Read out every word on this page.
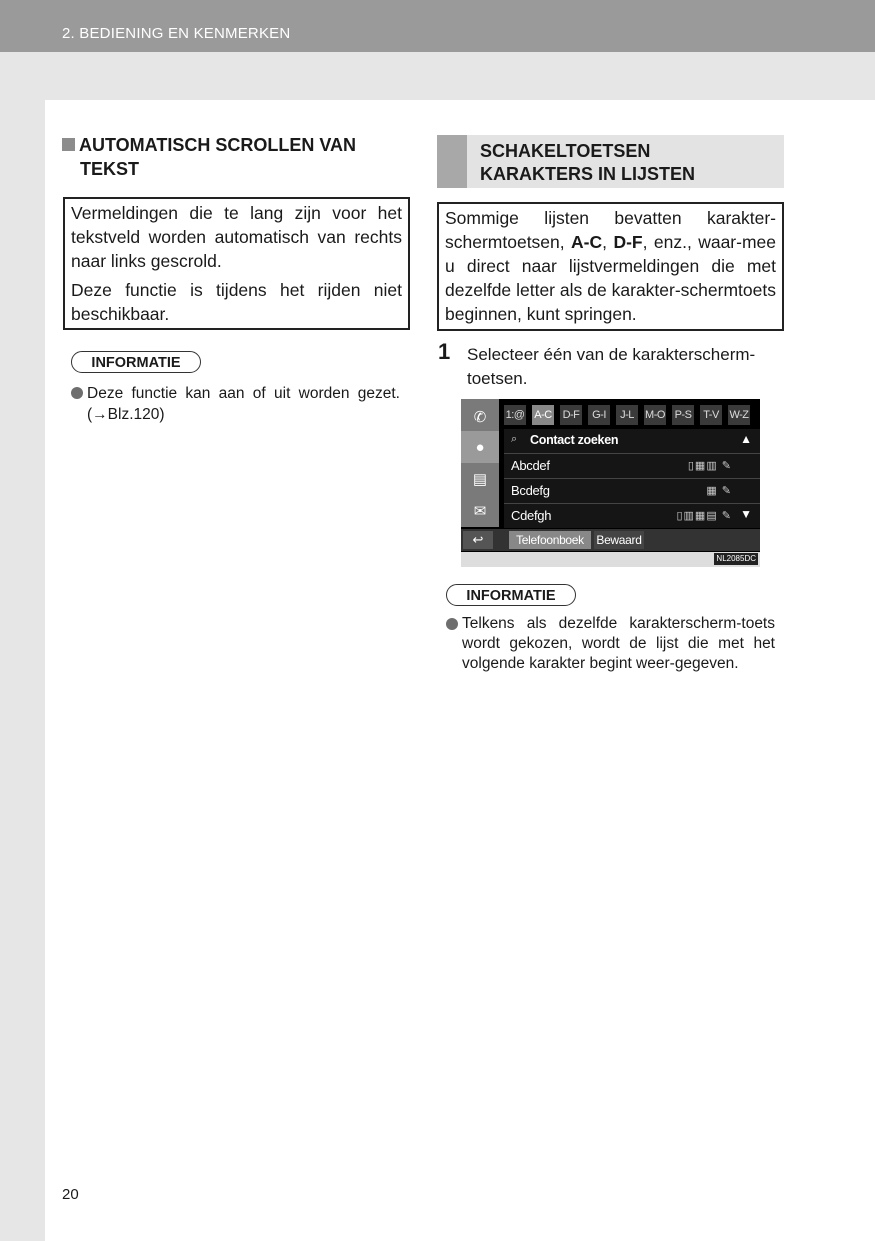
2. BEDIENING EN KENMERKEN
AUTOMATISCH SCROLLEN VAN
TEKST

Vermeldingen die te lang zijn voor het tekstveld worden automatisch van rechts naar links gescrold.

Deze functie is tijdens het rijden niet beschikbaar.

INFORMATIE
Deze functie kan aan of uit worden gezet. (→Blz.120)
SCHAKELTOETSEN
KARAKTERS IN LIJSTEN

Sommige lijsten bevatten karakter-schermtoetsen, A-C, D-F, enz., waar-mee u direct naar lijstvermeldingen die met dezelfde letter als de karakter-schermtoets beginnen, kunt springen.

1 Selecteer één van de karakterscherm-toetsen.
✆
●
▤
✉
1:@ A-C D-F	G-I	J-L	M-O P-S T-V W-Z
⌕ Contact zoeken	▲
Abcdef	▯▦▥ ✎
Bcdefg	▦ ✎
Cdefgh	▯▥▦▤ ✎ ▼
↩	Telefoonboek	Bewaard
NL2085DC
INFORMATIE
Telkens als dezelfde karakterscherm-toets wordt gekozen, wordt de lijst die met het volgende karakter begint weer-gegeven.
20
